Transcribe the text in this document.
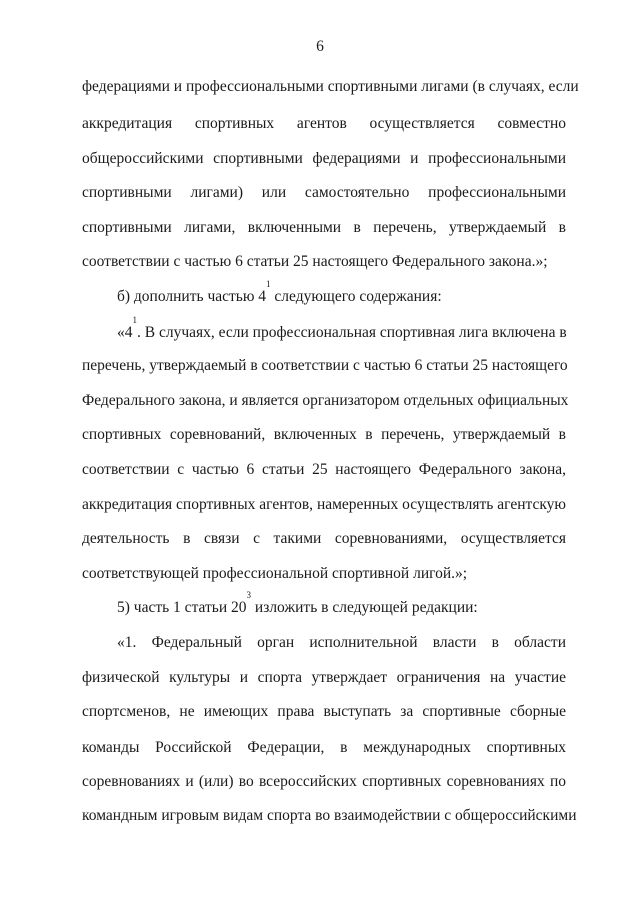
6
федерациями и профессиональными спортивными лигами (в случаях, если
аккредитация спортивных агентов осуществляется совместно
общероссийскими спортивными федерациями и профессиональными
спортивными лигами) или самостоятельно профессиональными
спортивными лигами, включенными в перечень, утверждаемый в
соответствии с частью 6 статьи 25 настоящего Федерального закона.»;
б) дополнить частью $4^1$ следующего содержания:
«$4^1$. В случаях, если профессиональная спортивная лига включена в
перечень, утверждаемый в соответствии с частью 6 статьи 25 настоящего
Федерального закона, и является организатором отдельных официальных
спортивных соревнований, включенных в перечень, утверждаемый в
соответствии с частью 6 статьи 25 настоящего Федерального закона,
аккредитация спортивных агентов, намеренных осуществлять агентскую
деятельность в связи с такими соревнованиями, осуществляется
соответствующей профессиональной спортивной лигой.»;
5) часть 1 статьи $20^3$ изложить в следующей редакции:
«1. Федеральный орган исполнительной власти в области
физической культуры и спорта утверждает ограничения на участие
спортсменов, не имеющих права выступать за спортивные сборные
команды Российской Федерации, в международных спортивных
соревнованиях и (или) во всероссийских спортивных соревнованиях по
командным игровым видам спорта во взаимодействии с общероссийскими
